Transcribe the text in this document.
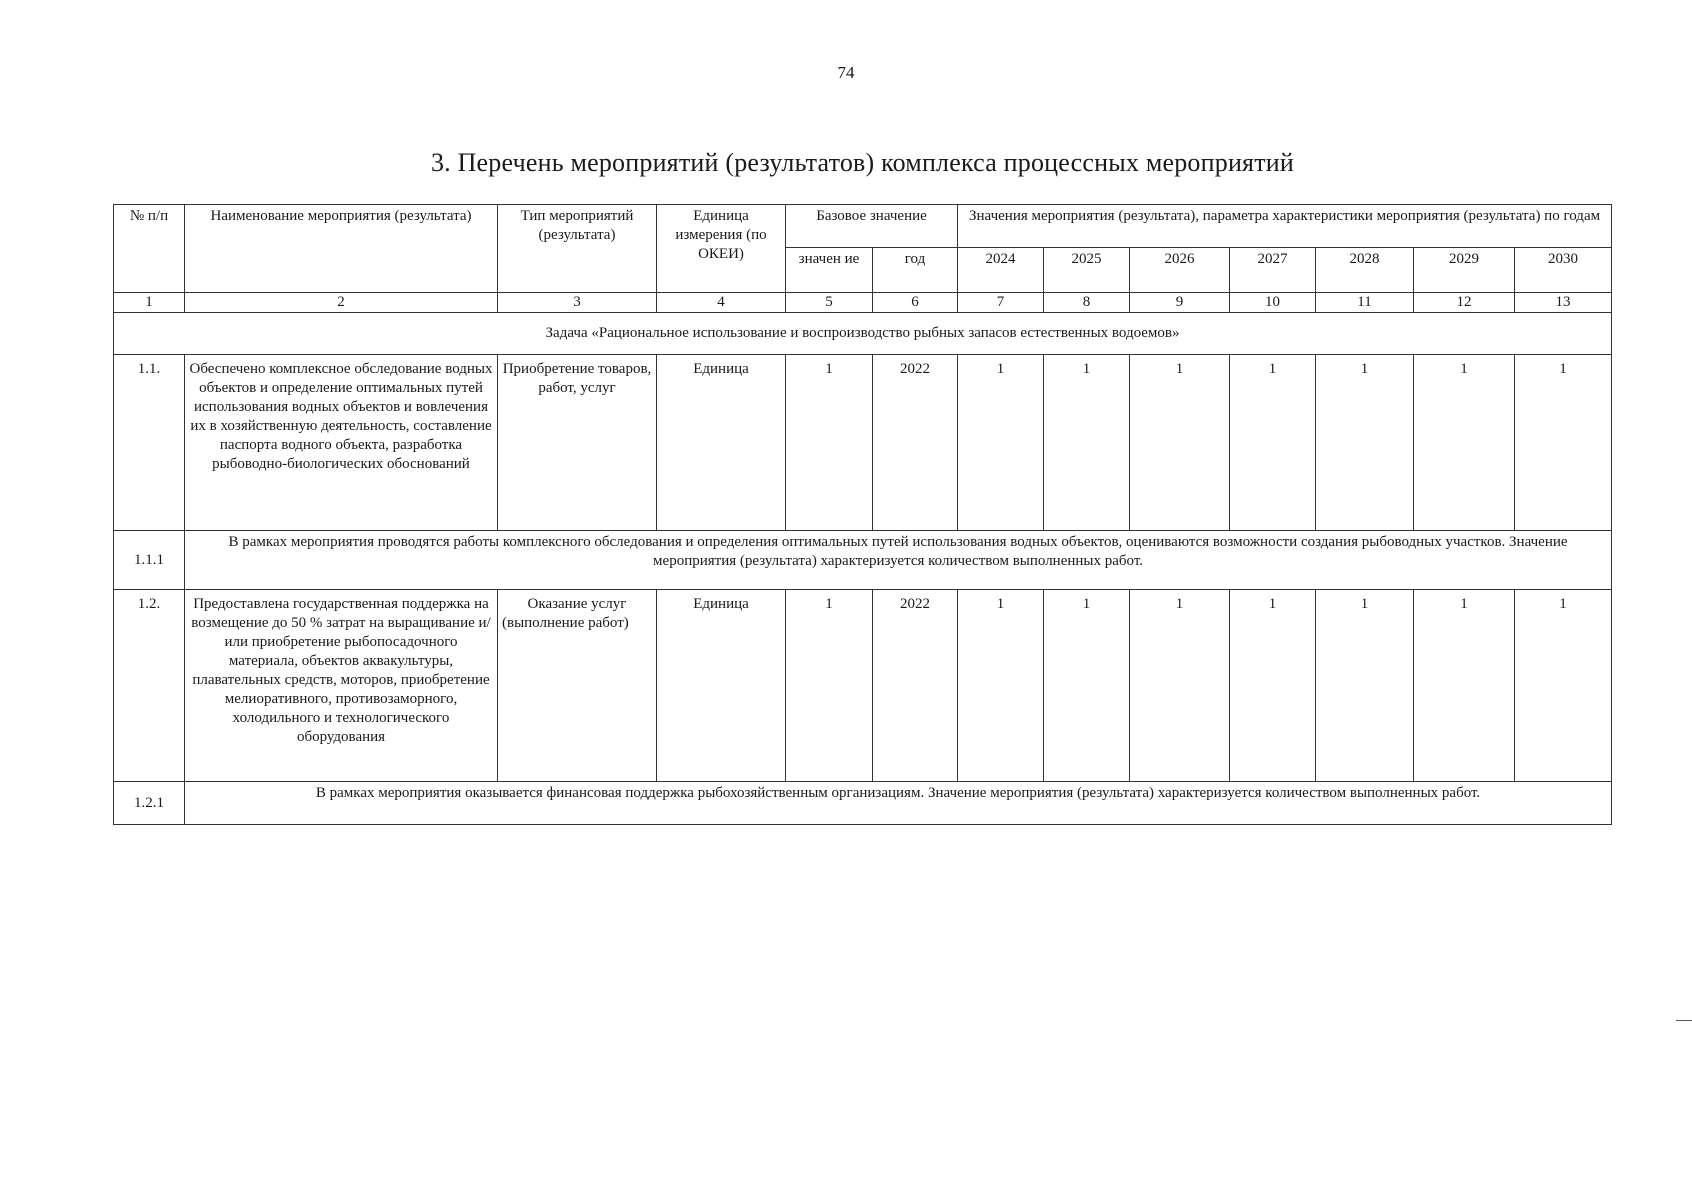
74
3. Перечень мероприятий (результатов) комплекса процессных мероприятий
№ п/п	Наименование мероприятия (результата)	Тип мероприятий (результата)	Единица измерения (по ОКЕИ)	Базовое значение		Значения мероприятия (результата), параметра характеристики мероприятия (результата) по годам						
				значен ие	год	2024	2025	2026	2027	2028	2029	2030
1	2	3	4	5	6	7	8	9	10	11	12	13
Задача «Рациональное использование и воспроизводство рыбных запасов естественных водоемов»												
1.1.	Обеспечено комплексное обследование водных объектов и определение оптимальных путей использования водных объектов и вовлечения их в хозяйственную деятельность, составление паспорта водного объекта, разработка рыбоводно-биологических обоснований	Приобретение товаров, работ, услуг	Единица	1	2022	1	1	1	1	1	1	1
1.1.1	В рамках мероприятия проводятся работы комплексного обследования и определения оптимальных путей использования водных объектов, оцениваются возможности создания рыбоводных участков. Значение мероприятия (результата) характеризуется количеством выполненных работ.											
1.2.	Предоставлена государственная поддержка на возмещение до 50 % затрат на выращивание и/или приобретение рыбопосадочного материала, объектов аквакультуры, плавательных средств, моторов, приобретение мелиоративного, противозаморного, холодильного и технологического оборудования	Оказание услуг (выполнение работ)	Единица	1	2022	1	1	1	1	1	1	1
1.2.1	В рамках мероприятия оказывается финансовая поддержка рыбохозяйственным организациям. Значение мероприятия (результата) характеризуется количеством выполненных работ.											
